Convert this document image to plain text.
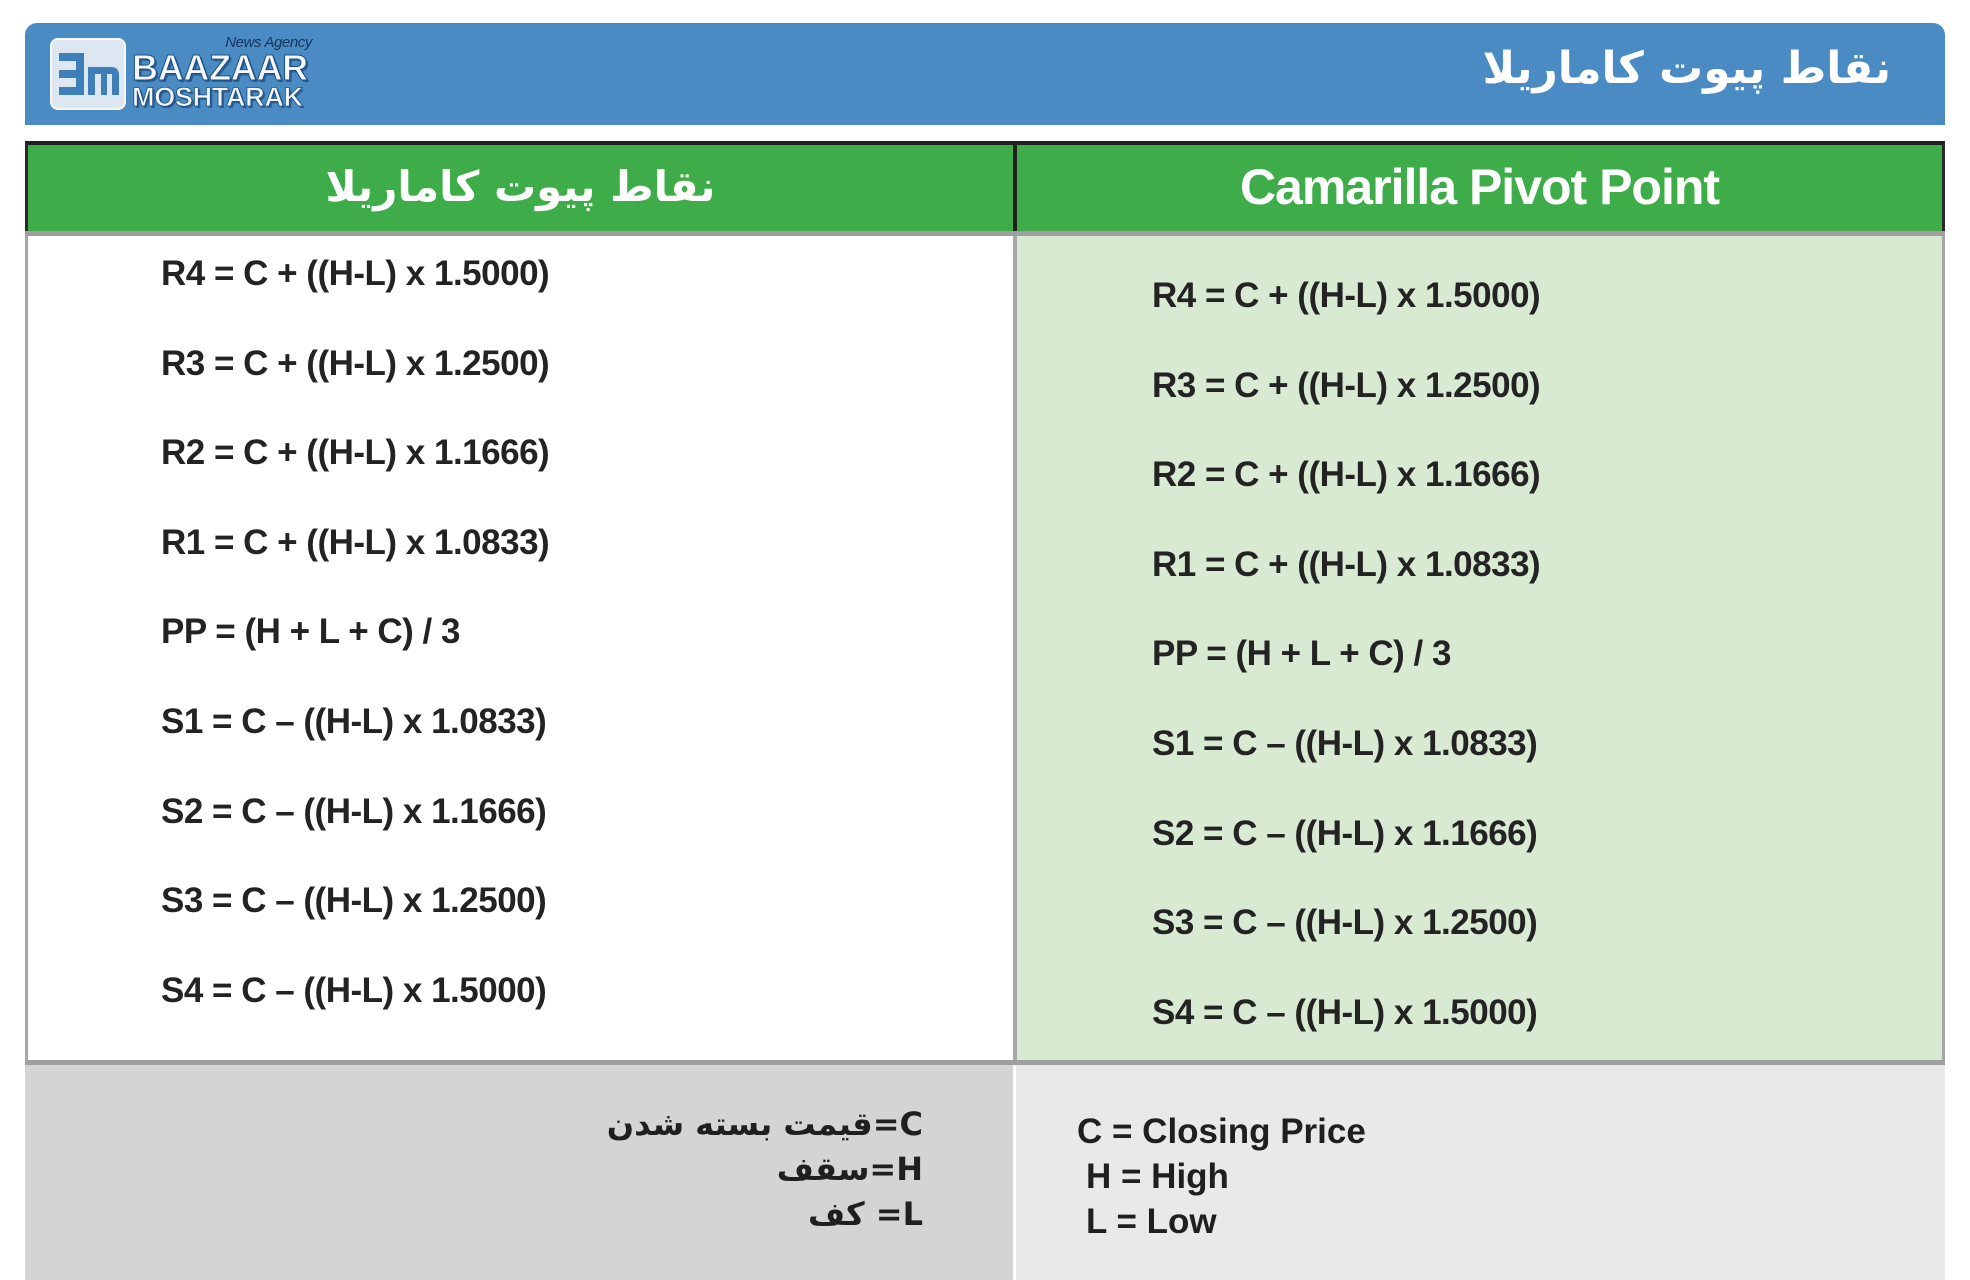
News Agency
BAAZAAR
MOSHTARAK
نقاط پیوت کاماریلا
نقاط پیوت کاماریلا	Camarilla Pivot Point
R4 = C + ((H-L) x 1.5000)
R3 = C + ((H-L) x 1.2500)
R2 = C + ((H-L) x 1.1666)
R1 = C + ((H-L) x 1.0833)
PP = (H + L + C) / 3
S1 = C – ((H-L) x 1.0833)
S2 = C – ((H-L) x 1.1666)
S3 = C – ((H-L) x 1.2500)
S4 = C – ((H-L) x 1.5000)
R4 = C + ((H-L) x 1.5000)
R3 = C + ((H-L) x 1.2500)
R2 = C + ((H-L) x 1.1666)
R1 = C + ((H-L) x 1.0833)
PP = (H + L + C) / 3
S1 = C – ((H-L) x 1.0833)
S2 = C – ((H-L) x 1.1666)
S3 = C – ((H-L) x 1.2500)
S4 = C – ((H-L) x 1.5000)
C=قیمت بسته شدن
H=سقف
L= کف
C = Closing Price
H = High
L = Low
